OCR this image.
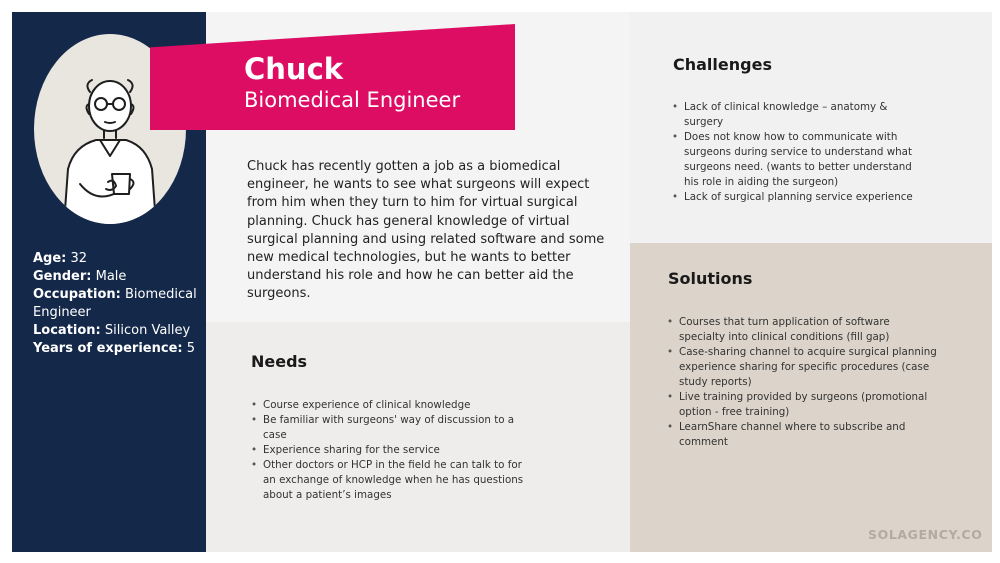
Age: 32
Gender: Male
Occupation: Biomedical Engineer
Location: Silicon Valley
Years of experience: 5
Chuck
Biomedical Engineer
Chuck has recently gotten a job as a biomedical engineer, he wants to see what surgeons will expect from him when they turn to him for virtual surgical planning. Chuck has general knowledge of virtual surgical planning and using related software and some new medical technologies, but he wants to better understand his role and how he can better aid the surgeons.
Needs
• Course experience of clinical knowledge
• Be familiar with surgeons' way of discussion to a case
• Experience sharing for the service
• Other doctors or HCP in the field he can talk to for an exchange of knowledge when he has questions about a patient’s images
Challenges
• Lack of clinical knowledge – anatomy & surgery
• Does not know how to communicate with surgeons during service to understand what surgeons need. (wants to better understand his role in aiding the surgeon)
• Lack of surgical planning service experience
Solutions
• Courses that turn application of software specialty into clinical conditions (fill gap)
• Case-sharing channel to acquire surgical planning experience sharing for specific procedures (case study reports)
• Live training provided by surgeons (promotional option - free training)
• LearnShare channel where to subscribe and comment
SOLAGENCY.CO
